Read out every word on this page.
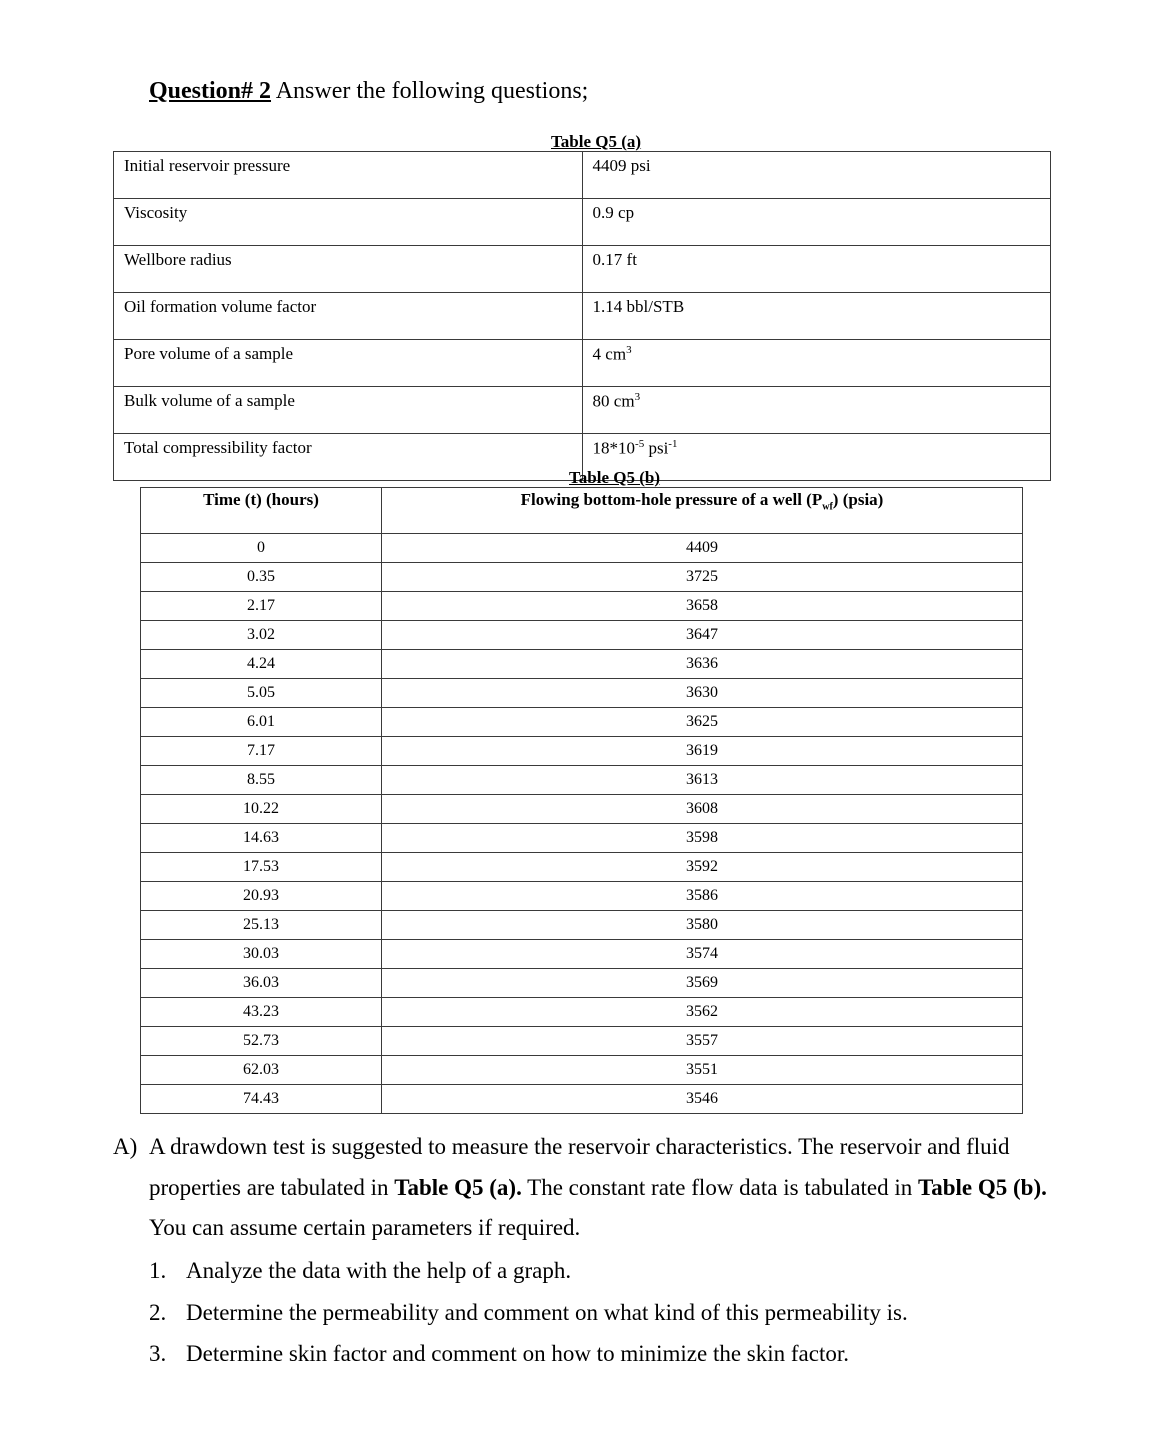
Question# 2 Answer the following questions;
Table Q5 (a)
Initial reservoir pressure	4409 psi
Viscosity	0.9 cp
Wellbore radius	0.17 ft
Oil formation volume factor	1.14 bbl/STB
Pore volume of a sample	4 $cm^3$
Bulk volume of a sample	80 $cm^3$
Total compressibility factor	$18*10^{-5}$ psi$^{-1}$
Table Q5 (b)
Time (t) (hours)	Flowing bottom-hole pressure of a well $(P_{wf})$ (psia)
0	4409
0.35	3725
2.17	3658
3.02	3647
4.24	3636
5.05	3630
6.01	3625
7.17	3619
8.55	3613
10.22	3608
14.63	3598
17.53	3592
20.93	3586
25.13	3580
30.03	3574
36.03	3569
43.23	3562
52.73	3557
62.03	3551
74.43	3546
A) A drawdown test is suggested to measure the reservoir characteristics. The reservoir and fluid properties are tabulated in Table Q5 (a). The constant rate flow data is tabulated in Table Q5 (b). You can assume certain parameters if required.
1. Analyze the data with the help of a graph.
2. Determine the permeability and comment on what kind of this permeability is.
3. Determine skin factor and comment on how to minimize the skin factor.
